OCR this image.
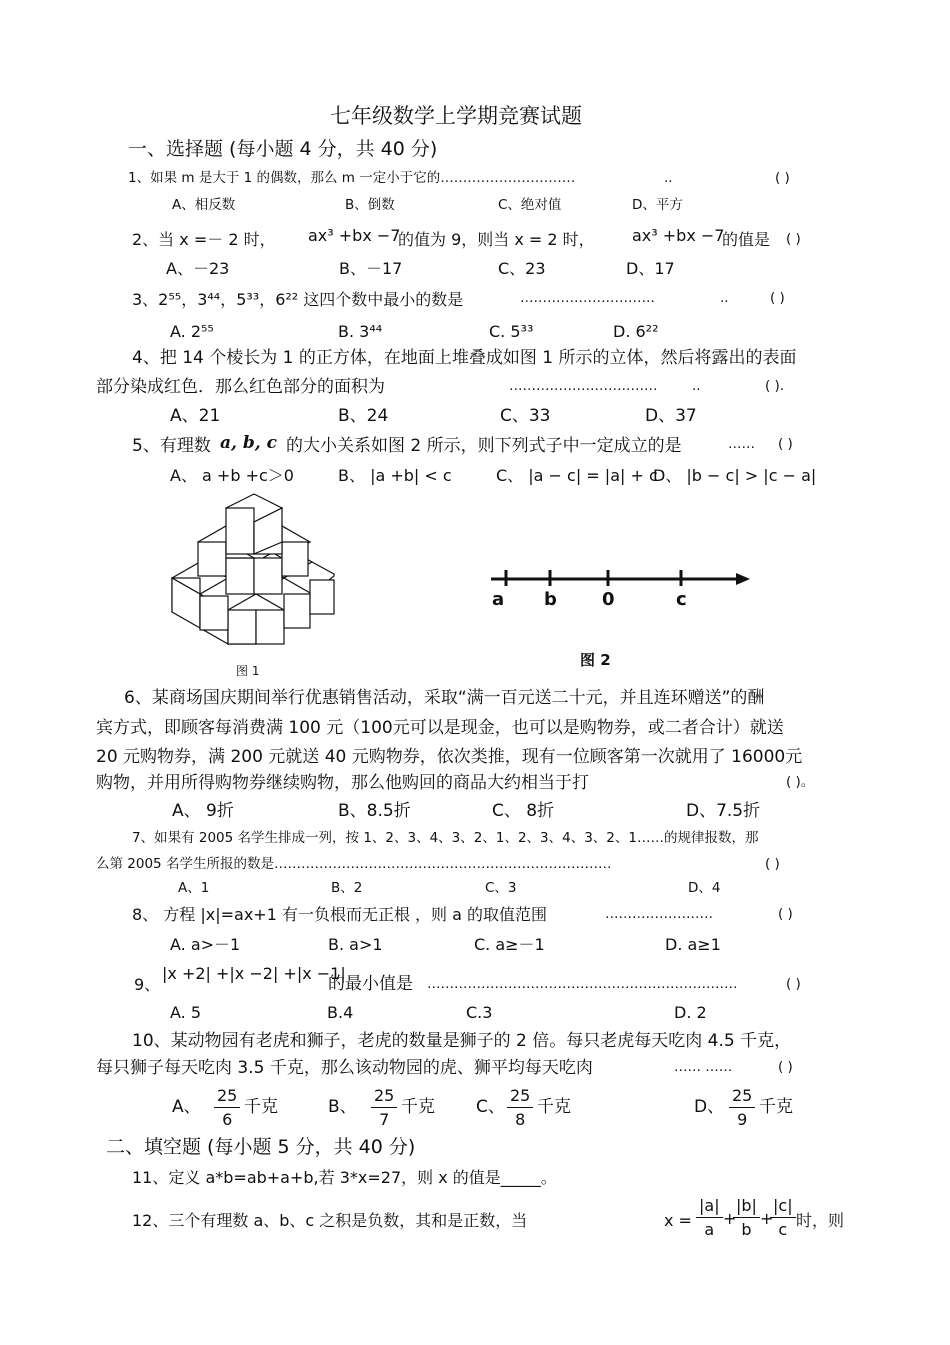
七年级数学上学期竞赛试题
一、选择题 (每小题 4 分，共 40 分)
1、如果 m 是大于 1 的偶数，那么 m 一定小于它的…………………………	..	( )
A、相反数	B、倒数	C、绝对值	D、平方
2、当 x =－ 2 时， ax³ +bx −7
的值为 9，则当 x = 2 时， ax³ +bx −7
的值是 ( )
A、－23	B、－17	C、23	D、17
3、2⁵⁵，3⁴⁴，5³³，6²² 这四个数中最小的数是	…………………………	..	( )
A. 2⁵⁵	B. 3⁴⁴	C. 5³³	D. 6²²
4、把 14 个棱长为 1 的正方体，在地面上堆叠成如图 1 所示的立体，然后将露出的表面
部分染成红色．那么红色部分的面积为	……………………………	..	( )．
A、21	B、24	C、33	D、37
5、有理数 a, b, c 的大小关系如图 2 所示，则下列式子中一定成立的是	…… ( )
A、 a +b +c＞0	B、 |a +b| < c	C、 |a − c| = |a| + c
D、 |b − c| > |c − a|
图 1
a b	0	c
图 2
6、某商场国庆期间举行优惠销售活动，采取“满一百元送二十元，并且连环赠送”的酬
宾方式，即顾客每消费满 100 元（100元可以是现金，也可以是购物券，或二者合计）就送
20 元购物券，满 200 元就送 40 元购物券，依次类推，现有一位顾客第一次就用了 16000元
购物，并用所得购物券继续购物，那么他购回的商品大约相当于打	( )。
A、 9折	B、8.5折	C、 8折	D、7.5折
7、如果有 2005 名学生排成一列，按 1、2、3、4、3、2、1、2、3、4、3、2、1……的规律报数，那
么第 2005 名学生所报的数是…………………………………………………………………	( )
A、1	B、2	C、3	D、4
8、 方程 |x|=ax+1 有一负根而无正根 ，则 a 的取值范围	……………………	( )
A. a>－1	B. a>1	C. a≥－1	D. a≥1
9、
|x +2| +|x −2| +|x −1|
的最小值是 ……………………………………………………………	( )
A. 5	B.4	C.3	D. 2
10、某动物园有老虎和狮子，老虎的数量是狮子的 2 倍。每只老虎每天吃肉 4.5 千克，
每只狮子每天吃肉 3.5 千克，那么该动物园的虎、狮平均每天吃肉	…… ……	( )
A、
25
6
千克	B、
25
7
千克 C、
25
8
千克	D、
25
9
千克
二、填空题 (每小题 5 分，共 40 分)
11、定义 a*b=ab+a+b,若 3*x=27，则 x 的值是_____。
12、三个有理数 a、b、c 之积是负数，其和是正数，当	x =
|a|
a
+
|b|
b
+
|c|
c 时，则
